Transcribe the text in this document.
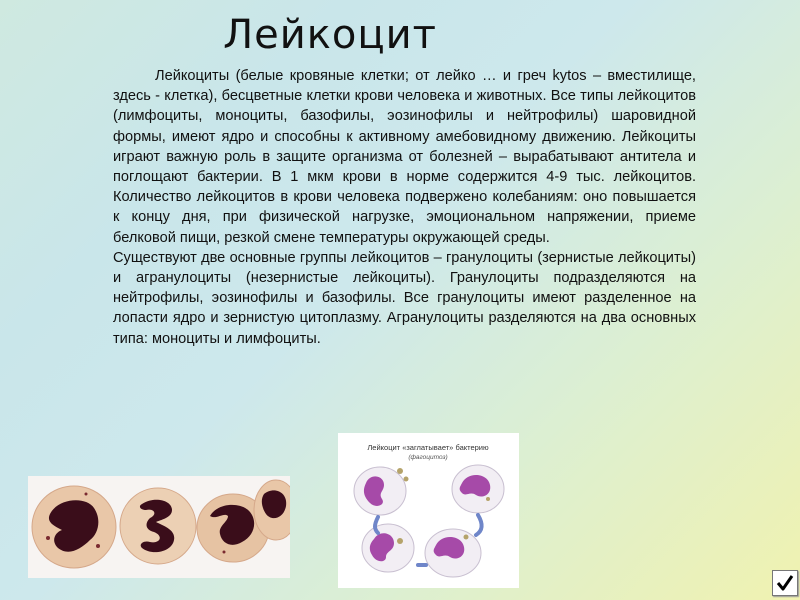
Лейкоцит

Лейкоциты (белые кровяные клетки; от лейко … и греч kytos – вместилище, здесь - клетка), бесцветные клетки крови человека и животных. Все типы лейкоцитов (лимфоциты, моноциты, базофилы, эозинофилы и нейтрофилы) шаровидной формы, имеют ядро и способны к активному амебовидному движению. Лейкоциты играют важную роль в защите организма от болезней – вырабатывают антитела и поглощают бактерии. В 1 мкм крови в норме содержится 4-9 тыс. лейкоцитов. Количество лейкоцитов в крови человека подвержено колебаниям: оно повышается к концу дня, при физической нагрузке, эмоциональном напряжении, приеме белковой пищи, резкой смене температуры окружающей среды.

Существуют две основные группы лейкоцитов – гранулоциты (зернистые лейкоциты) и агранулоциты (незернистые лейкоциты). Гранулоциты подразделяются на нейтрофилы, эозинофилы и базофилы. Все гранулоциты имеют разделенное на лопасти ядро и зернистую цитоплазму. Агранулоциты разделяются на два основных типа: моноциты и лимфоциты.

Лейкоцит «заглатывает» бактерию
(фагоцитоз)
